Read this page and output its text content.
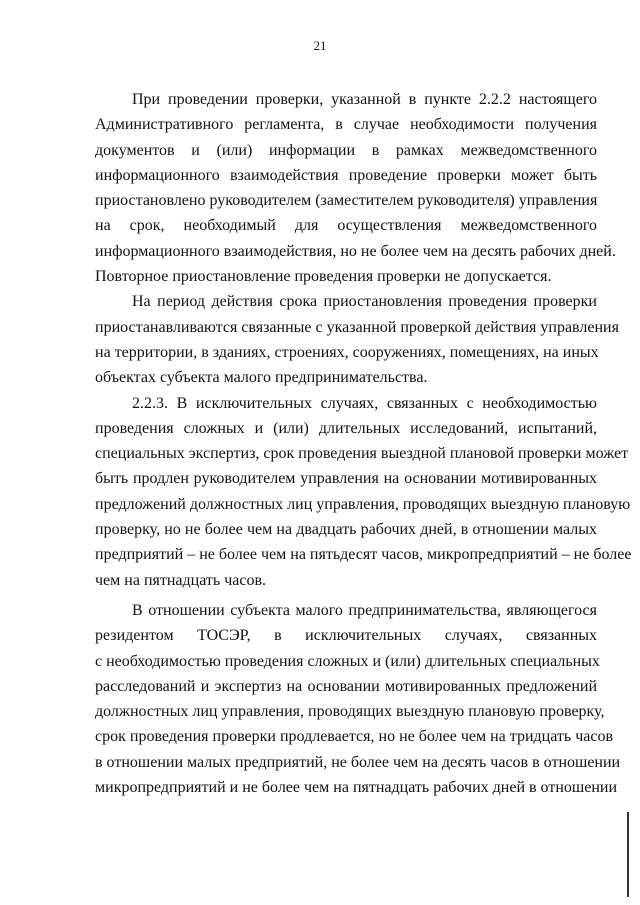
21
При проведении проверки, указанной в пункте 2.2.2 настоящего
Административного регламента, в случае необходимости получения
документов и (или) информации в рамках межведомственного
информационного взаимодействия проведение проверки может быть
приостановлено руководителем (заместителем руководителя) управления
на срок, необходимый для осуществления межведомственного
информационного взаимодействия, но не более чем на десять рабочих дней.
Повторное приостановление проведения проверки не допускается.
На период действия срока приостановления проведения проверки
приостанавливаются связанные с указанной проверкой действия управления
на территории, в зданиях, строениях, сооружениях, помещениях, на иных
объектах субъекта малого предпринимательства.
2.2.3. В исключительных случаях, связанных с необходимостью
проведения сложных и (или) длительных исследований, испытаний,
специальных экспертиз, срок проведения выездной плановой проверки может
быть продлен руководителем управления на основании мотивированных
предложений должностных лиц управления, проводящих выездную плановую
проверку, но не более чем на двадцать рабочих дней, в отношении малых
предприятий – не более чем на пятьдесят часов, микропредприятий – не более
чем на пятнадцать часов.
В отношении субъекта малого предпринимательства, являющегося
резидентом ТОСЭР, в исключительных случаях, связанных
с необходимостью проведения сложных и (или) длительных специальных
расследований и экспертиз на основании мотивированных предложений
должностных лиц управления, проводящих выездную плановую проверку,
срок проведения проверки продлевается, но не более чем на тридцать часов
в отношении малых предприятий, не более чем на десять часов в отношении
микропредприятий и не более чем на пятнадцать рабочих дней в отношении
